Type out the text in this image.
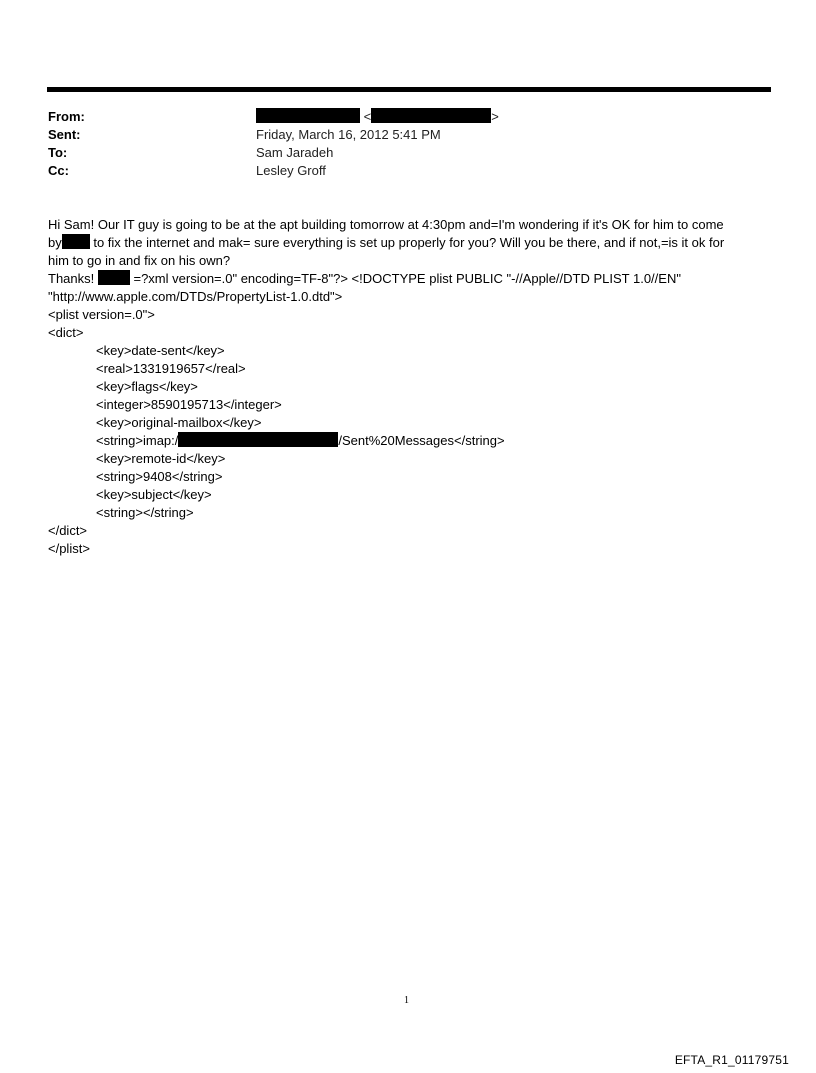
From:	<	>
Sent:	Friday, March 16, 2012 5:41 PM
To:	Sam Jaradeh
Cc:	Lesley Groff

Hi Sam! Our IT guy is going to be at the apt building tomorrow at 4:30pm and=I'm wondering if it's OK for him to come

by to fix the internet and mak= sure everything is set up properly for you? Will you be there, and if not,=is it ok for

him to go in and fix on his own?

Thanks!	=?xml version=.0" encoding=TF-8"?> <!DOCTYPE plist PUBLIC "-//Apple//DTD PLIST 1.0//EN"

"http://www.apple.com/DTDs/PropertyList-1.0.dtd">

<plist version=.0">

<dict>

<key>date-sent</key>

<real>1331919657</real>

<key>flags</key>

<integer>8590195713</integer>

<key>original-mailbox</key>

<string>imap:/	/Sent%20Messages</string>

<key>remote-id</key>

<string>9408</string>

<key>subject</key>

<string></string>

</dict>

</plist>

1
EFTA_R1_01179751
